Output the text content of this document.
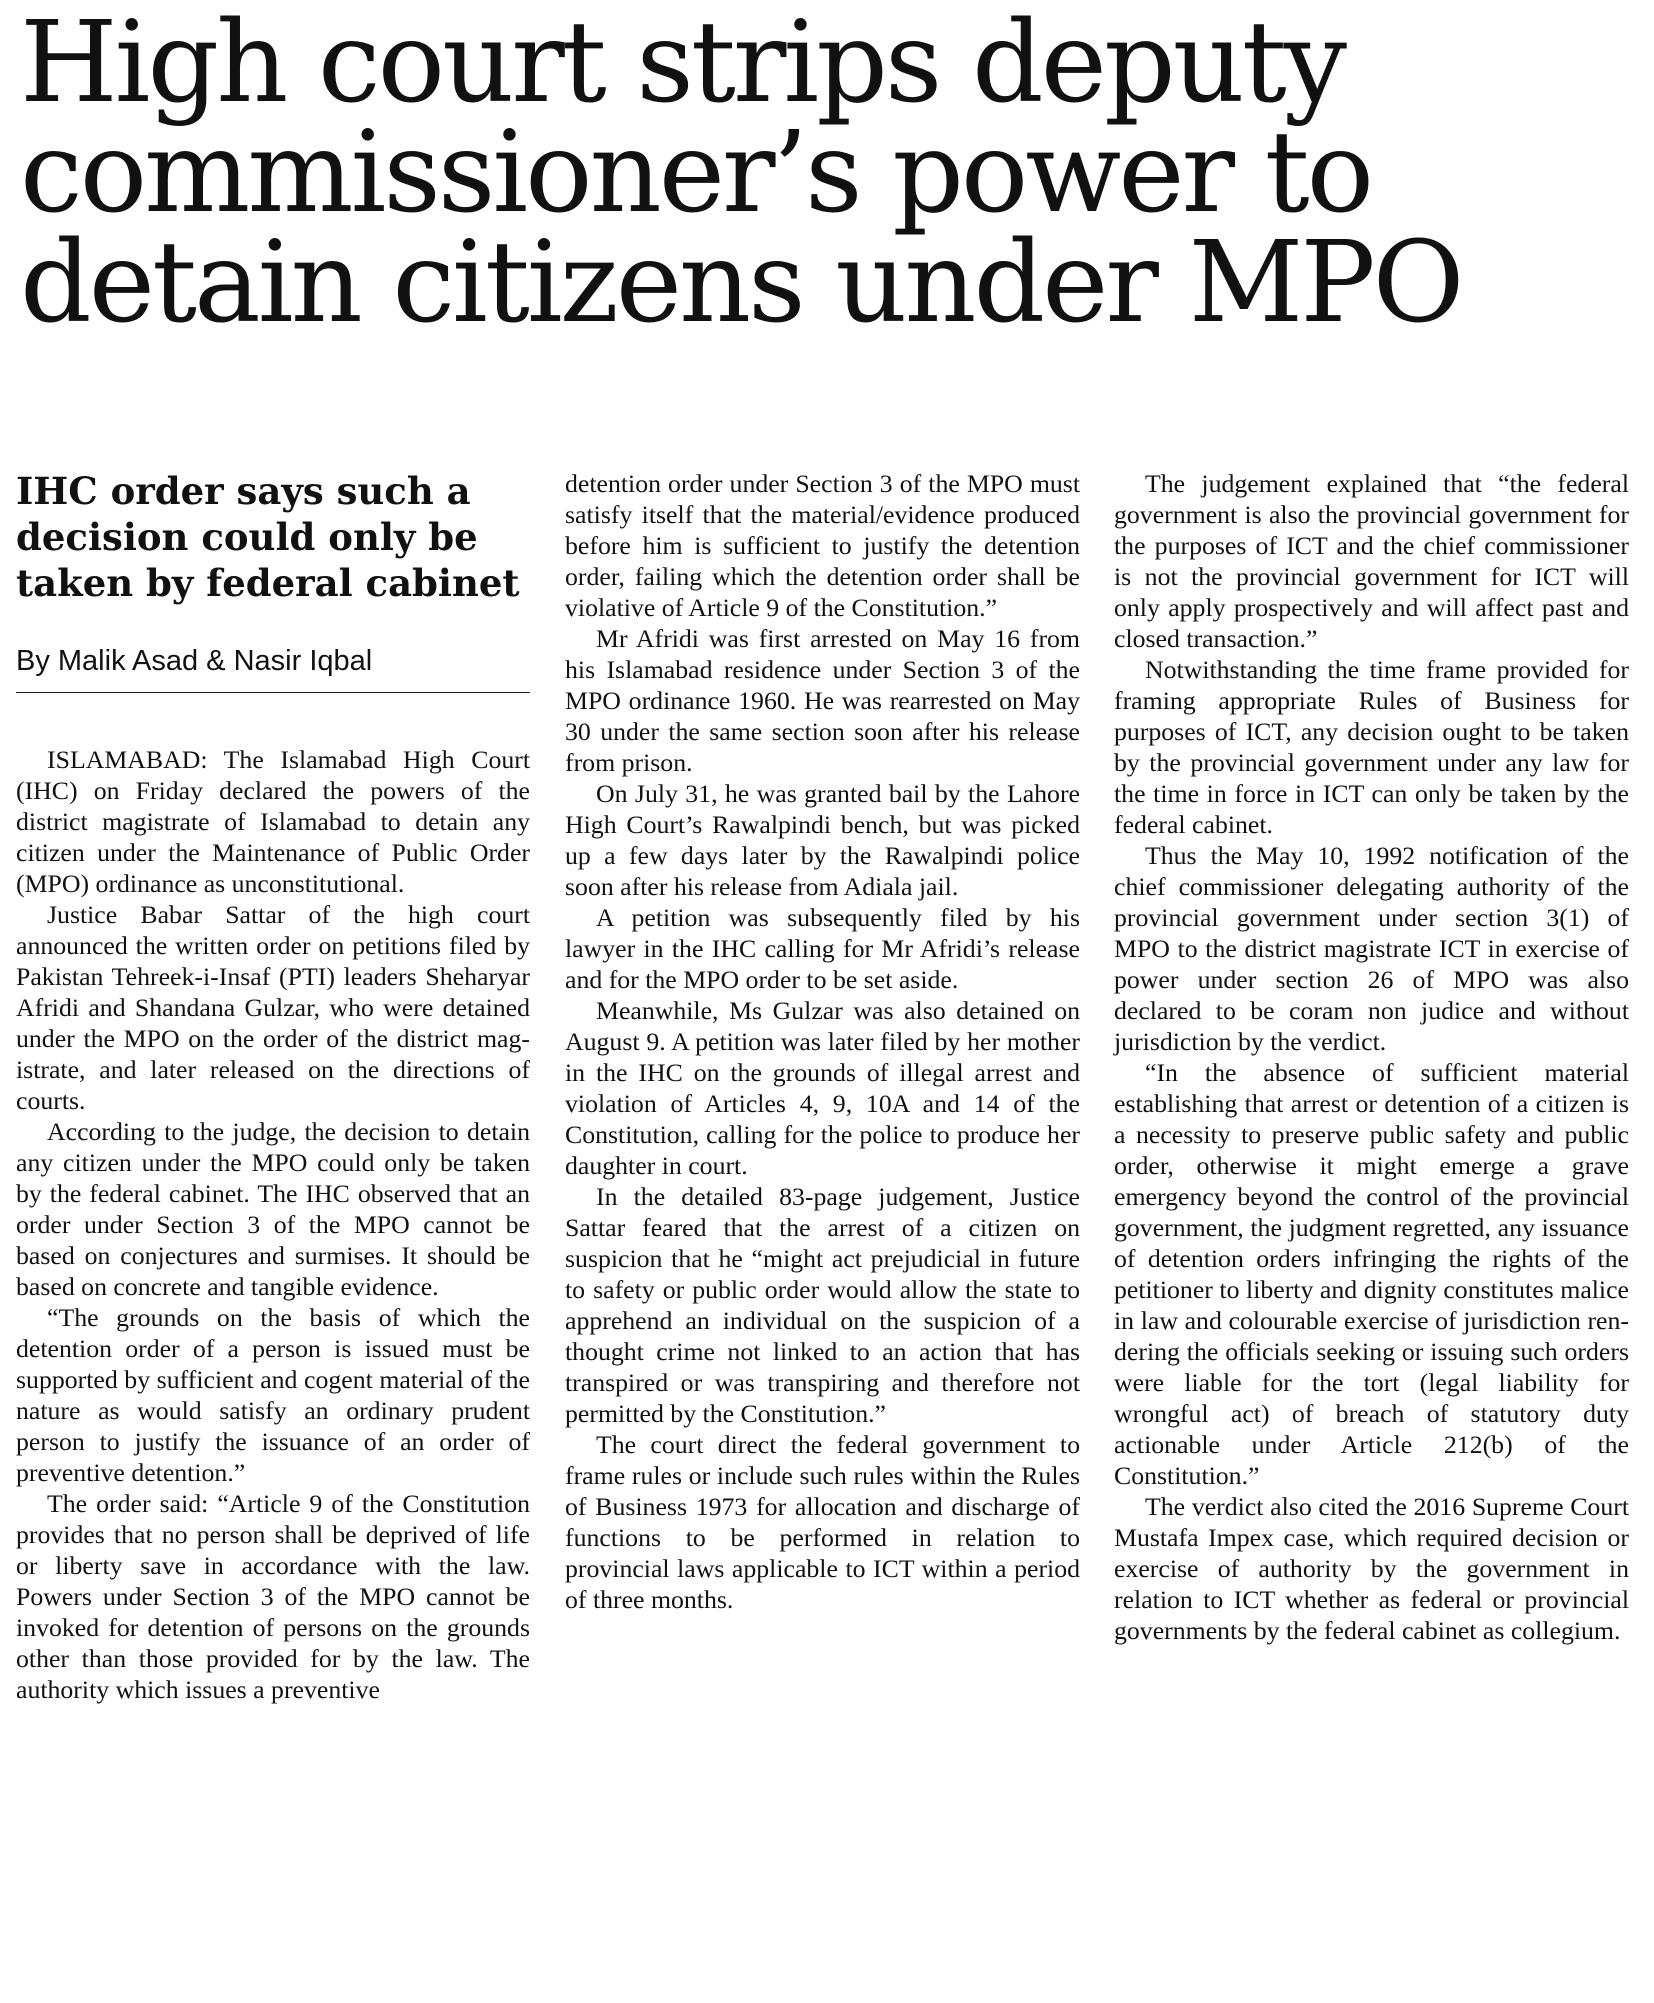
High court strips deputy
commissioner’s power to
detain citizens under MPO
IHC order says such a decision could only be taken by federal cabinet
By Malik Asad & Nasir Iqbal

ISLAMABAD: The Islamabad High Court (IHC) on Friday declared the powers of the district magistrate of Islamabad to detain any citizen under the Maintenance of Public Order (MPO) ordinance as unconstitutional.

Justice Babar Sattar of the high court announced the written order on petitions filed by Pakistan Tehreek-i-Insaf (PTI) leaders Sheharyar Afridi and Shandana Gulzar, who were detained under the MPO on the order of the district magistrate, and later released on the directions of courts.

According to the judge, the decision to detain any citizen under the MPO could only be taken by the federal cabinet. The IHC observed that an order under Section 3 of the MPO cannot be based on conjectures and surmises. It should be based on concrete and tangible evidence.

“The grounds on the basis of which the detention order of a person is issued must be supported by sufficient and cogent material of the nature as would satisfy an ordinary prudent person to justify the issuance of an order of preventive detention.”

The order said: “Article 9 of the Constitution provides that no person shall be deprived of life or liberty save in accordance with the law. Powers under Section 3 of the MPO cannot be invoked for detention of persons on the grounds other than those provided for by the law. The authority which issues a preventive

detention order under Section 3 of the MPO must satisfy itself that the material/evidence produced before him is sufficient to justify the detention order, failing which the detention order shall be violative of Article 9 of the Constitution.”

Mr Afridi was first arrested on May 16 from his Islamabad residence under Section 3 of the MPO ordinance 1960. He was rearrested on May 30 under the same section soon after his release from prison.

On July 31, he was granted bail by the Lahore High Court’s Rawalpindi bench, but was picked up a few days later by the Rawalpindi police soon after his release from Adiala jail.

A petition was subsequently filed by his lawyer in the IHC calling for Mr Afridi’s release and for the MPO order to be set aside.

Meanwhile, Ms Gulzar was also detained on August 9. A petition was later filed by her mother in the IHC on the grounds of illegal arrest and violation of Articles 4, 9, 10A and 14 of the Constitution, calling for the police to produce her daughter in court.

In the detailed 83-page judgement, Justice Sattar feared that the arrest of a citizen on suspicion that he “might act prejudicial in future to safety or public order would allow the state to apprehend an individual on the suspicion of a thought crime not linked to an action that has transpired or was transpiring and therefore not permitted by the Constitution.”

The court direct the federal government to frame rules or include such rules within the Rules of Business 1973 for allocation and discharge of functions to be performed in relation to provincial laws applicable to ICT within a period of three months.

The judgement explained that “the federal government is also the provincial government for the purposes of ICT and the chief commissioner is not the provincial government for ICT will only apply prospectively and will affect past and closed transaction.”

Notwithstanding the time frame provided for framing appropriate Rules of Business for purposes of ICT, any decision ought to be taken by the provincial government under any law for the time in force in ICT can only be taken by the federal cabinet.

Thus the May 10, 1992 notification of the chief commissioner delegating authority of the provincial government under section 3(1) of MPO to the district magistrate ICT in exercise of power under section 26 of MPO was also declared to be coram non judice and without jurisdiction by the verdict.

“In the absence of sufficient material establishing that arrest or detention of a citizen is a necessity to preserve public safety and public order, otherwise it might emerge a grave emergency beyond the control of the provincial government, the judgment regretted, any issuance of detention orders infringing the rights of the petitioner to liberty and dignity constitutes malice in law and colourable exercise of jurisdiction rendering the officials seeking or issuing such orders were liable for the tort (legal liability for wrongful act) of breach of statutory duty actionable under Article 212(b) of the Constitution.”

The verdict also cited the 2016 Supreme Court Mustafa Impex case, which required decision or exercise of authority by the government in relation to ICT whether as federal or provincial governments by the federal cabinet as collegium.
